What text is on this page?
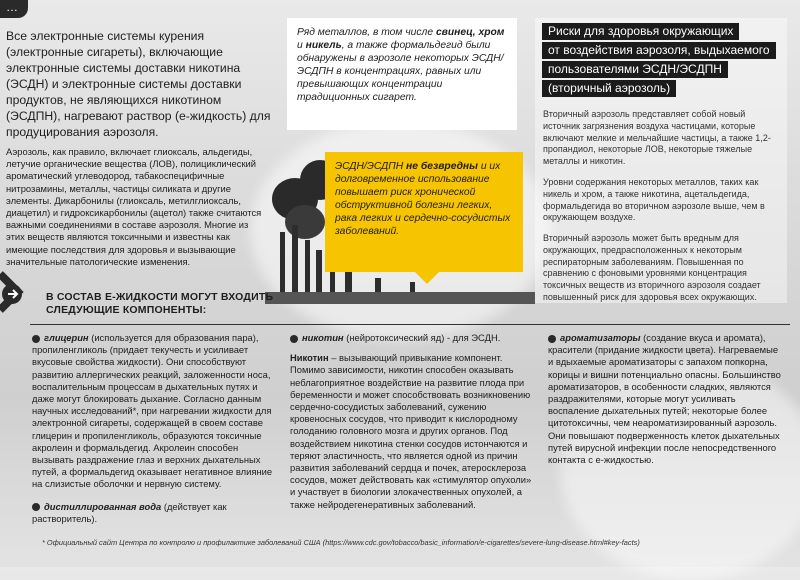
…

Все электронные системы курения (электронные сигареты), включающие электронные системы доставки никотина (ЭСДН) и электронные системы доставки продуктов, не являющихся никотином (ЭСДПН), нагревают раствор (е-жидкость) для продуцирования аэрозоля.

Аэрозоль, как правило, включает глиоксаль, альдегиды, летучие органические вещества (ЛОВ), полициклический ароматический углеводород, табакоспецифичные нитрозамины, металлы, частицы силиката и другие элементы. Дикарбонилы (глиоксаль, метилглиоксаль, диацетил) и гидроксикарбонилы (ацетол) также считаются важными соединениями в составе аэрозоля. Многие из этих веществ являются токсичными и известны как имеющие последствия для здоровья и вызывающие значительные патологические изменения.

Ряд металлов, в том числе свинец, хром и никель, а также формальдегид были обнаружены в аэрозоле некоторых ЭСДН/ЭСДПН в концентрациях, равных или превышающих концентрации традиционных сигарет.
ЭСДН/ЭСДПН не безвредны и их долговременное использование повышает риск хронической обструктивной болезни легких, рака легких и сердечно-сосудистых заболеваний.
Риски для здоровья окружающих
от воздействия аэрозоля, выдыхаемого
пользователями ЭСДН/ЭСДПН
(вторичный аэрозоль)

Вторичный аэрозоль представляет собой новый источник загрязнения воздуха частицами, которые включают мелкие и мельчайшие частицы, а также 1,2-пропандиол, некоторые ЛОВ, некоторые тяжелые металлы и никотин.

Уровни содержания некоторых металлов, таких как никель и хром, а также никотина, ацетальдегида, формальдегида во вторичном аэрозоле выше, чем в окружающем воздухе.

Вторичный аэрозоль может быть вредным для окружающих, предрасположенных к некоторым респираторным заболеваниям. Повышенная по сравнению с фоновыми уровнями концентрация токсичных веществ из вторичного аэрозоля создает повышенный риск для здоровья всех окружающих.

В СОСТАВ Е-ЖИДКОСТИ МОГУТ ВХОДИТЬ
СЛЕДУЮЩИЕ КОМПОНЕНТЫ:

глицерин (используется для образования пара), пропиленгликоль (придает текучесть и усиливает вкусовые свойства жидкости). Они способствуют развитию аллергических реакций, заложенности носа, воспалительным процессам в дыхательных путях и даже могут блокировать дыхание. Согласно данным научных исследований*, при нагревании жидкости для электронной сигареты, содержащей в своем составе глицерин и пропиленгликоль, образуются токсичные акролеин и формальдегид. Акролеин способен вызывать раздражение глаз и верхних дыхательных путей, а формальдегид оказывает негативное влияние на слизистые оболочки и нервную систему.

дистиллированная вода (действует как растворитель).

никотин (нейротоксический яд) - для ЭСДН.

Никотин – вызывающий привыкание компонент. Помимо зависимости, никотин способен оказывать неблагоприятное воздействие на развитие плода при беременности и может способствовать возникновению сердечно-сосудистых заболеваний, сужению кровеносных сосудов, что приводит к кислородному голоданию головного мозга и других органов. Под воздействием никотина стенки сосудов истончаются и теряют эластичность, что является одной из причин развития заболеваний сердца и почек, атеросклероза сосудов, может действовать как «стимулятор опухоли» и участвует в биологии злокачественных опухолей, а также нейродегенеративных заболеваний.

ароматизаторы (создание вкуса и аромата), красители (придание жидкости цвета). Нагреваемые и вдыхаемые ароматизаторы с запахом попкорна, корицы и вишни потенциально опасны. Большинство ароматизаторов, в особенности сладких, являются раздражителями, которые могут усиливать воспаление дыхательных путей; некоторые более цитотоксичны, чем неароматизированный аэрозоль. Они повышают подверженность клеток дыхательных путей вирусной инфекции после непосредственного контакта с е-жидкостью.

* Официальный сайт Центра по контролю и профилактике заболеваний США (https://www.cdc.gov/tobacco/basic_information/e-cigarettes/severe-lung-disease.html#key-facts)
